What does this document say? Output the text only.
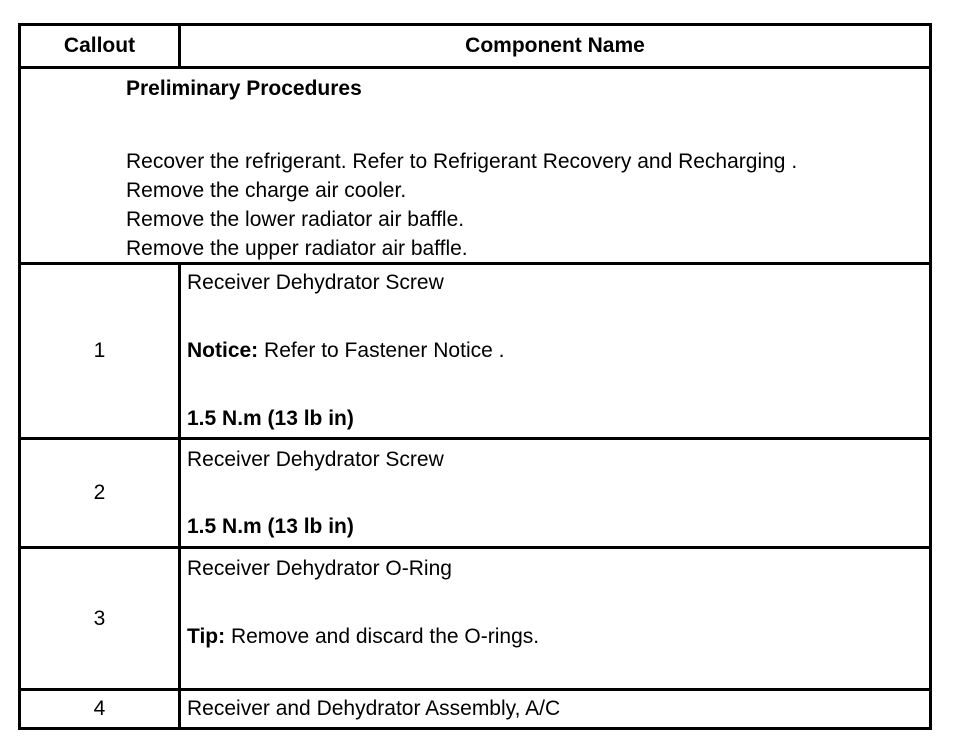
Callout	Component Name
Preliminary Procedures
Recover the refrigerant. Refer to Refrigerant Recovery and Recharging .
Remove the charge air cooler.
Remove the lower radiator air baffle.
Remove the upper radiator air baffle.
1
Receiver Dehydrator Screw
Notice: Refer to Fastener Notice .
1.5 N.m (13 lb in)
2
Receiver Dehydrator Screw
1.5 N.m (13 lb in)
3
Receiver Dehydrator O-Ring
Tip: Remove and discard the O-rings.
4	Receiver and Dehydrator Assembly, A/C
